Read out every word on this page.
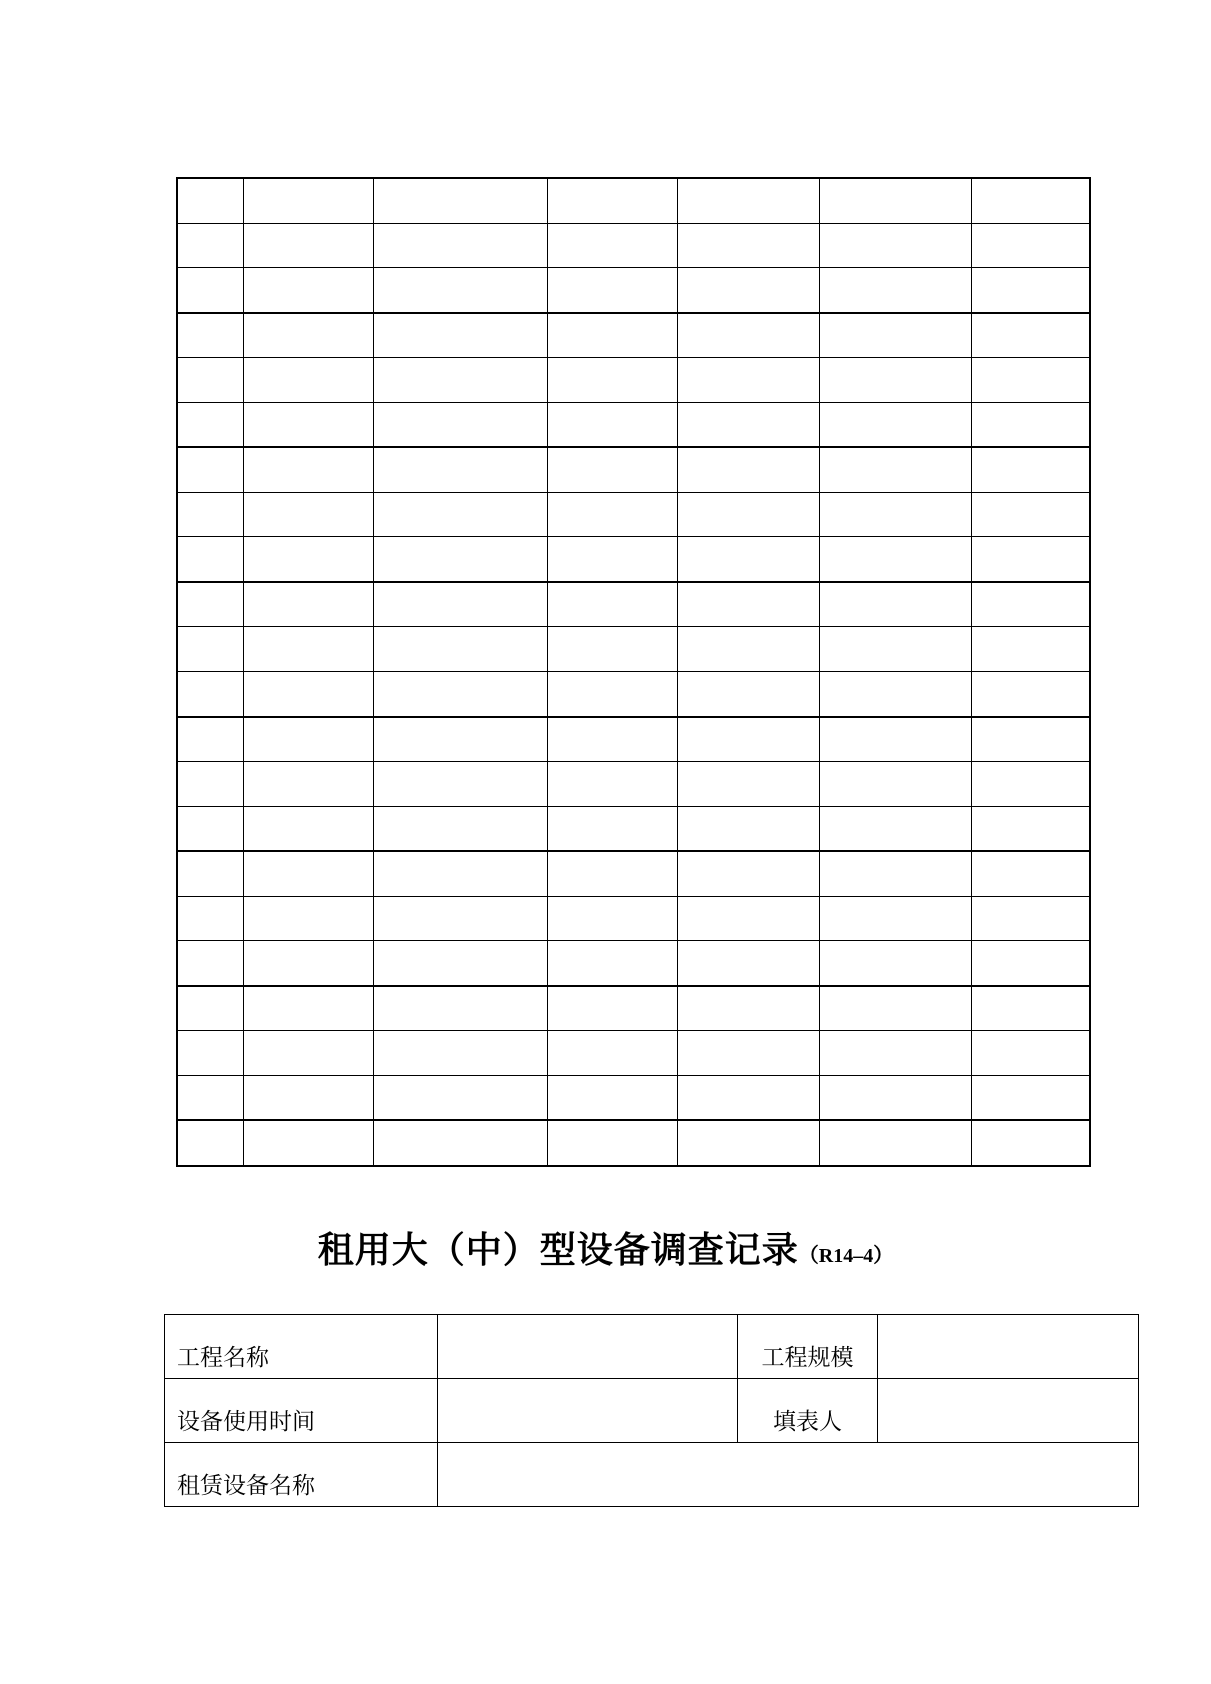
租用大（中）型设备调查记录（R14–4）
工程名称		工程规模	
设备使用时间		填表人	
租赁设备名称			
